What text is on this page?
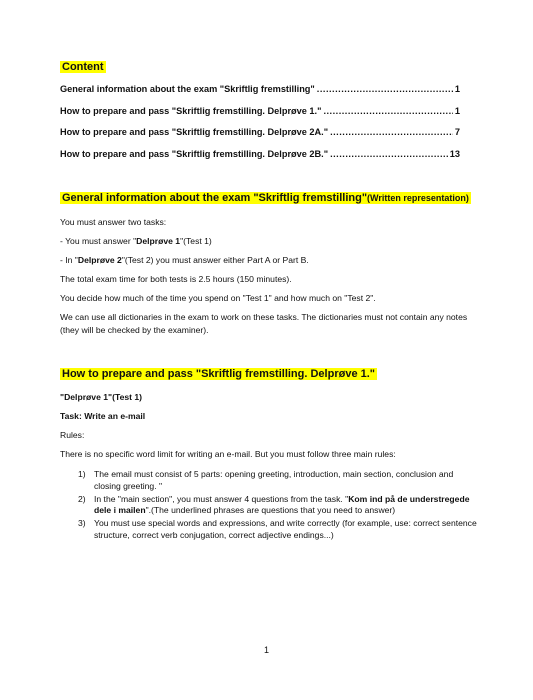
Content
General information about the exam "Skriftlig fremstilling" .....	1
How to prepare and pass "Skriftlig fremstilling. Delprøve 1." .....	1
How to prepare and pass "Skriftlig fremstilling. Delprøve 2A." .....	7
How to prepare and pass "Skriftlig fremstilling. Delprøve 2B." .....	13
General information about the exam "Skriftlig fremstilling"(Written representation)
You must answer two tasks:
- You must answer "Delprøve 1"(Test 1)
- In "Delprøve 2"(Test 2) you must answer either Part A or Part B.
The total exam time for both tests is 2.5 hours (150 minutes).
You decide how much of the time you spend on "Test 1" and how much on "Test 2".
We can use all dictionaries in the exam to work on these tasks. The dictionaries must not contain any notes (they will be checked by the examiner).
How to prepare and pass "Skriftlig fremstilling. Delprøve 1."
"Delprøve 1"(Test 1)
Task: Write an e-mail
Rules:
There is no specific word limit for writing an e-mail. But you must follow three main rules:
1) The email must consist of 5 parts: opening greeting, introduction, main section, conclusion and closing greeting. "
2) In the "main section", you must answer 4 questions from the task. "Kom ind på de understregede dele i mailen".(The underlined phrases are questions that you need to answer)
3) You must use special words and expressions, and write correctly (for example, use: correct sentence structure, correct verb conjugation, correct adjective endings...)
1
